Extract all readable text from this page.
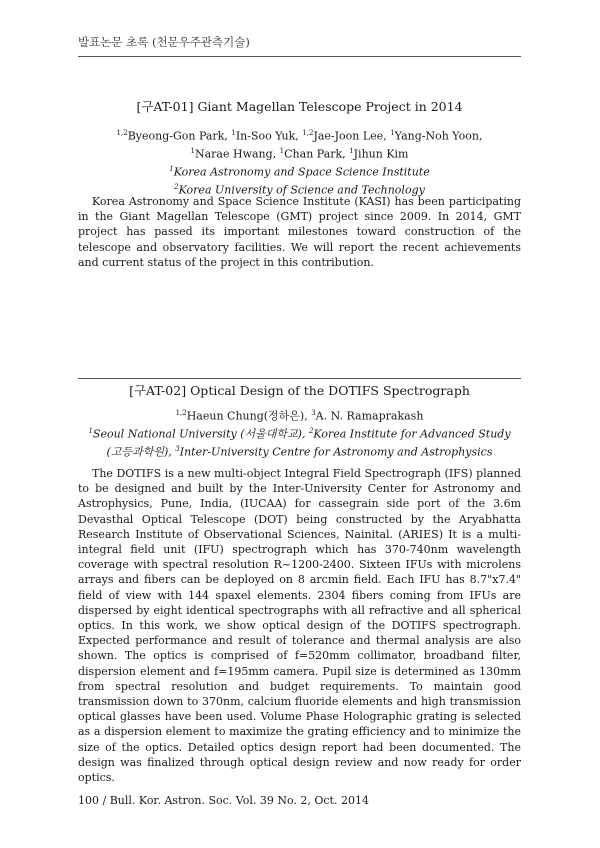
발표논문 초록 (천문우주관측기술)
[구AT-01] Giant Magellan Telescope Project in 2014
$^{1,2}$Byeong-Gon Park, $^1$In-Soo Yuk, $^{1,2}$Jae-Joon Lee, $^1$Yang-Noh Yoon,
$^1$Narae Hwang, $^1$Chan Park, $^1$Jihun Kim
$^1$Korea Astronomy and Space Science Institute
$^2$Korea University of Science and Technology

Korea Astronomy and Space Science Institute (KASI) has been participating in the Giant Magellan Telescope (GMT) project since 2009. In 2014, GMT project has passed its important milestones toward construction of the telescope and observatory facilities. We will report the recent achievements and current status of the project in this contribution.

[구AT-02] Optical Design of the DOTIFS Spectrograph
$^{1,2}$Haeun Chung(정하은), $^3$A. N. Ramaprakash
$^1$Seoul National University (서울대학교), $^2$Korea Institute for Advanced Study
(고등과학원), $^3$Inter-University Centre for Astronomy and Astrophysics

The DOTIFS is a new multi-object Integral Field Spectrograph (IFS) planned to be designed and built by the Inter-University Center for Astronomy and Astrophysics, Pune, India, (IUCAA) for cassegrain side port of the 3.6m Devasthal Optical Telescope (DOT) being constructed by the Aryabhatta Research Institute of Observational Sciences, Nainital. (ARIES) It is a multi-integral field unit (IFU) spectrograph which has 370-740nm wavelength coverage with spectral resolution R~1200-2400. Sixteen IFUs with microlens arrays and fibers can be deployed on 8 arcmin field. Each IFU has 8.7"x7.4" field of view with 144 spaxel elements. 2304 fibers coming from IFUs are dispersed by eight identical spectrographs with all refractive and all spherical optics. In this work, we show optical design of the DOTIFS spectrograph. Expected performance and result of tolerance and thermal analysis are also shown. The optics is comprised of f=520mm collimator, broadband filter, dispersion element and f=195mm camera. Pupil size is determined as 130mm from spectral resolution and budget requirements. To maintain good transmission down to 370nm, calcium fluoride elements and high transmission optical glasses have been used. Volume Phase Holographic grating is selected as a dispersion element to maximize the grating efficiency and to minimize the size of the optics. Detailed optics design report had been documented. The design was finalized through optical design review and now ready for order optics.

100 / Bull. Kor. Astron. Soc. Vol. 39 No. 2, Oct. 2014
